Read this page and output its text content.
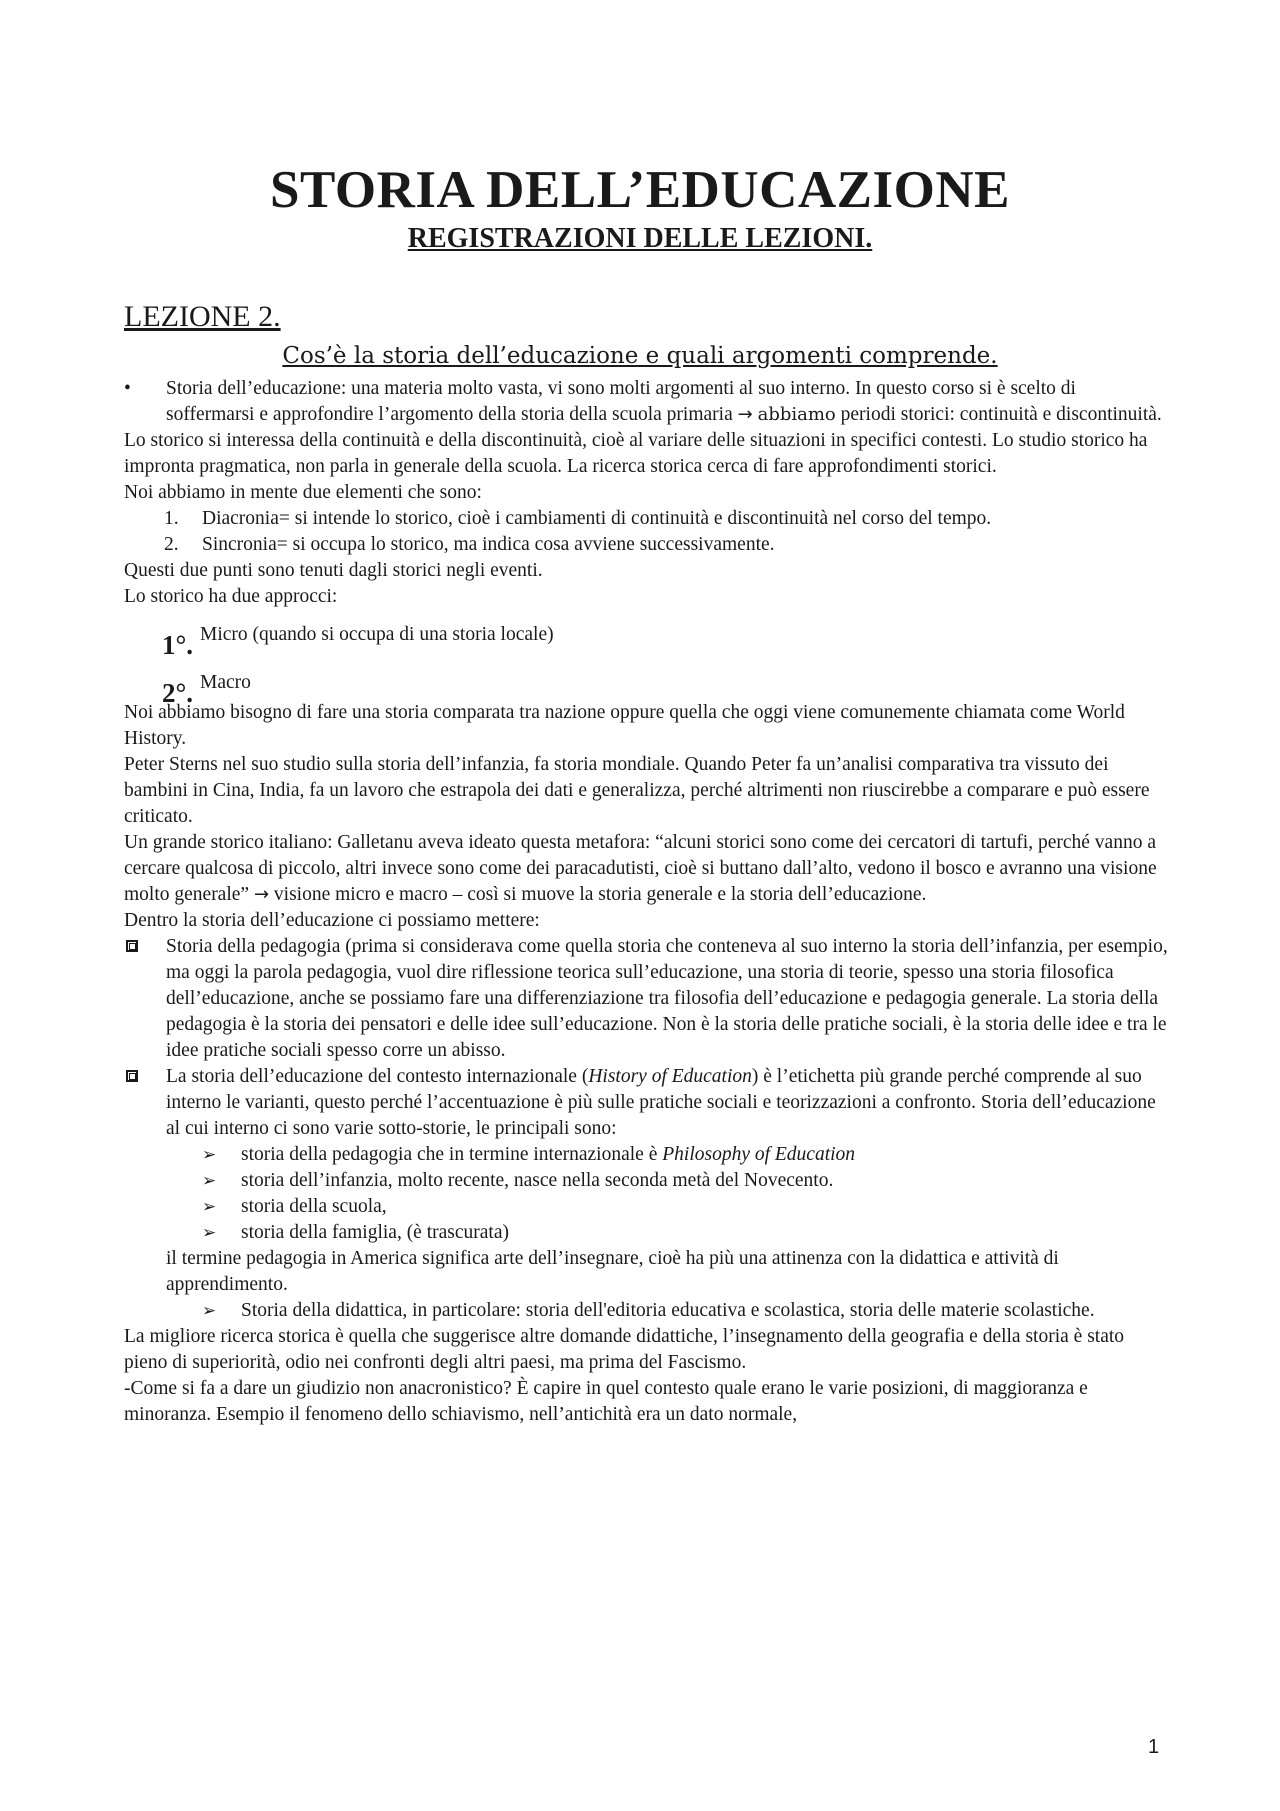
STORIA DELL’EDUCAZIONE
REGISTRAZIONI DELLE LEZIONI.
LEZIONE 2.
Cos’è la storia dell’educazione e quali argomenti comprende.

• Storia dell’educazione: una materia molto vasta, vi sono molti argomenti al suo interno. In questo corso si è scelto di soffermarsi e approfondire l’argomento della storia della scuola primaria → abbiamo periodi storici: continuità e discontinuità.

Lo storico si interessa della continuità e della discontinuità, cioè al variare delle situazioni in specifici contesti. Lo studio storico ha impronta pragmatica, non parla in generale della scuola. La ricerca storica cerca di fare approfondimenti storici.

Noi abbiamo in mente due elementi che sono:

1. Diacronia= si intende lo storico, cioè i cambiamenti di continuità e discontinuità nel corso del tempo.

2. Sincronia= si occupa lo storico, ma indica cosa avviene successivamente.

Questi due punti sono tenuti dagli storici negli eventi.

Lo storico ha due approcci:

1°. Micro (quando si occupa di una storia locale)
2°. Macro

Noi abbiamo bisogno di fare una storia comparata tra nazione oppure quella che oggi viene comunemente chiamata come World History.

Peter Sterns nel suo studio sulla storia dell’infanzia, fa storia mondiale. Quando Peter fa un’analisi comparativa tra vissuto dei bambini in Cina, India, fa un lavoro che estrapola dei dati e generalizza, perché altrimenti non riuscirebbe a comparare e può essere criticato.

Un grande storico italiano: Galletanu aveva ideato questa metafora: “alcuni storici sono come dei cercatori di tartufi, perché vanno a cercare qualcosa di piccolo, altri invece sono come dei paracadutisti, cioè si buttano dall’alto, vedono il bosco e avranno una visione molto generale” → visione micro e macro – così si muove la storia generale e la storia dell’educazione.

Dentro la storia dell’educazione ci possiamo mettere:

Storia della pedagogia (prima si considerava come quella storia che conteneva al suo interno la storia dell’infanzia, per esempio, ma oggi la parola pedagogia, vuol dire riflessione teorica sull’educazione, una storia di teorie, spesso una storia filosofica dell’educazione, anche se possiamo fare una differenziazione tra filosofia dell’educazione e pedagogia generale. La storia della pedagogia è la storia dei pensatori e delle idee sull’educazione. Non è la storia delle pratiche sociali, è la storia delle idee e tra le idee pratiche sociali spesso corre un abisso.

La storia dell’educazione del contesto internazionale (History of Education) è l’etichetta più grande perché comprende al suo interno le varianti, questo perché l’accentuazione è più sulle pratiche sociali e teorizzazioni a confronto. Storia dell’educazione al cui interno ci sono varie sotto-storie, le principali sono:

➢ storia della pedagogia che in termine internazionale è Philosophy of Education

➢ storia dell’infanzia, molto recente, nasce nella seconda metà del Novecento.

➢ storia della scuola,

➢ storia della famiglia, (è trascurata)

il termine pedagogia in America significa arte dell’insegnare, cioè ha più una attinenza con la didattica e attività di apprendimento.

➢ Storia della didattica, in particolare: storia dell'editoria educativa e scolastica, storia delle materie scolastiche.

La migliore ricerca storica è quella che suggerisce altre domande didattiche, l’insegnamento della geografia e della storia è stato pieno di superiorità, odio nei confronti degli altri paesi, ma prima del Fascismo.

-Come si fa a dare un giudizio non anacronistico? È capire in quel contesto quale erano le varie posizioni, di maggioranza e minoranza. Esempio il fenomeno dello schiavismo, nell’antichità era un dato normale,

1
